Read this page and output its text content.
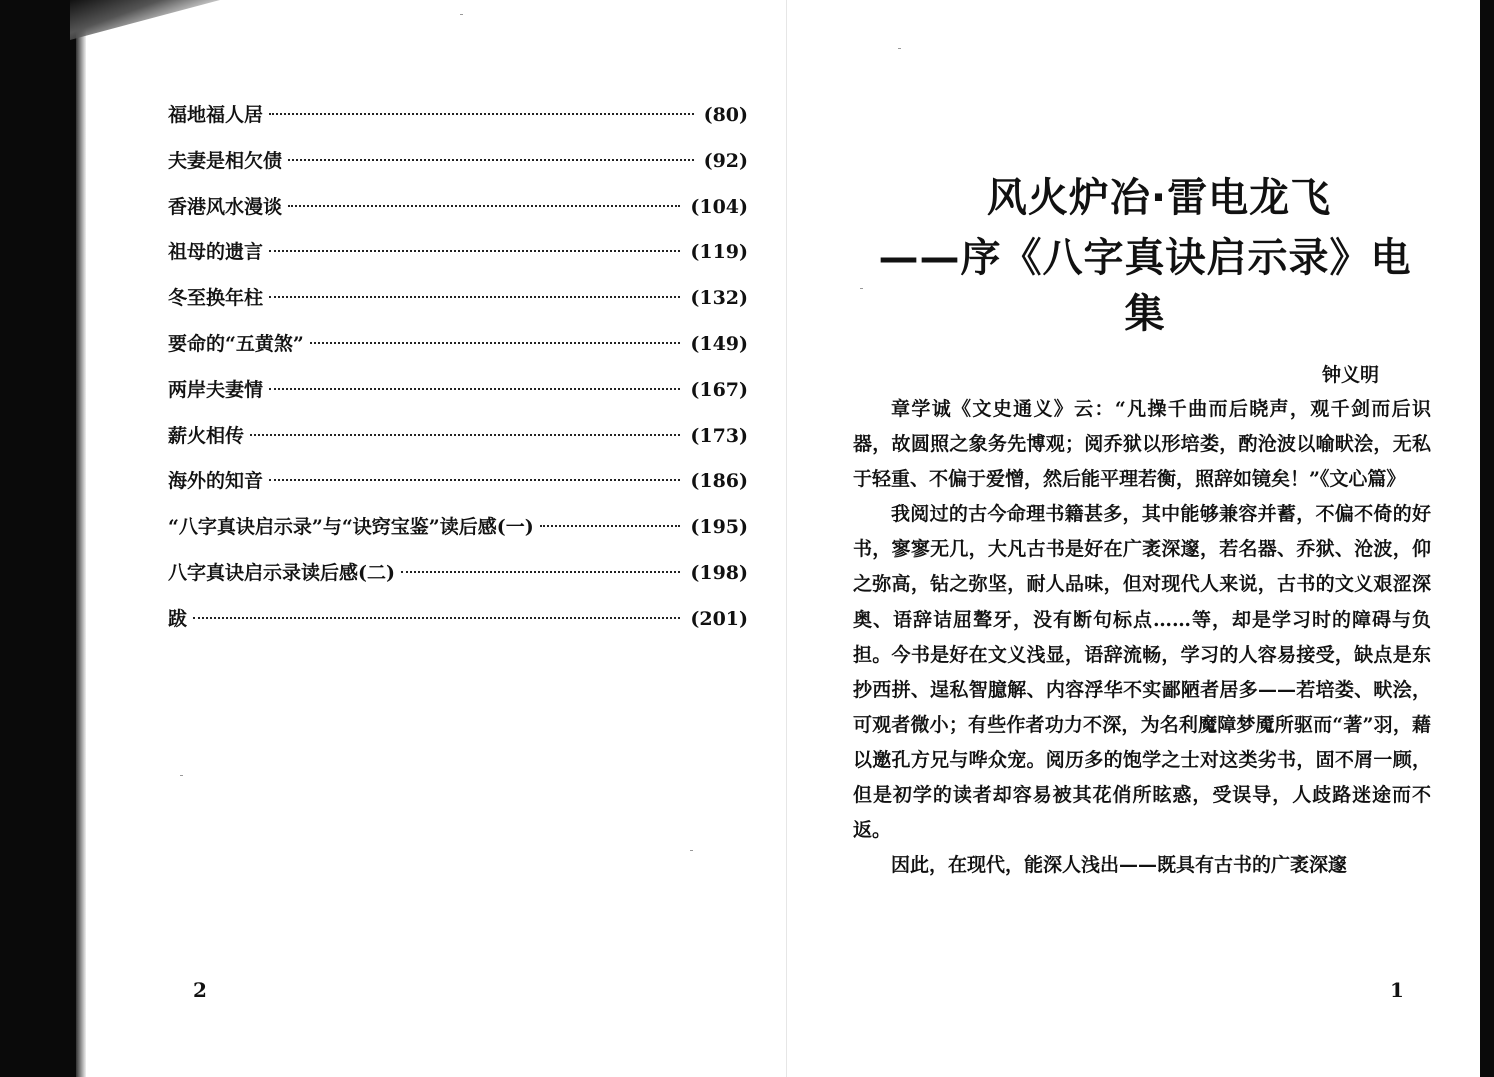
福地福人居	(80)
夫妻是相欠债	(92)
香港风水漫谈	(104)
祖母的遗言	(119)
冬至换年柱	(132)
要命的“五黄煞”	(149)
两岸夫妻情	(167)
薪火相传	(173)
海外的知音	(186)
“八字真诀启示录”与“诀窍宝鉴”读后感(一)	(195)
八字真诀启示录读后感(二)	(198)
跋	(201)
2
风火炉冶·雷电龙飞
——序《八字真诀启示录》电集
钟义明

章学诚《文史通义》云：“凡操千曲而后晓声，观千剑而后识器，故圆照之象务先博观；阅乔狱以形培娄，酌沧波以喻畎浍，无私于轻重、不偏于爱憎，然后能平理若衡，照辞如镜矣！”《文心篇》

我阅过的古今命理书籍甚多，其中能够兼容并蓄，不偏不倚的好书，寥寥无几，大凡古书是好在广袤深邃，若名器、乔狱、沧波，仰之弥高，钻之弥坚，耐人品味，但对现代人来说，古书的文义艰涩深奥、语辞诘屈聱牙，没有断句标点……等，却是学习时的障碍与负担。今书是好在文义浅显，语辞流畅，学习的人容易接受，缺点是东抄西拼、逞私智臆解、内容浮华不实鄙陋者居多——若培娄、畎浍，可观者微小；有些作者功力不深，为名利魔障梦魇所驱而“著”羽，藉以邀孔方兄与哗众宠。阅历多的饱学之士对这类劣书，固不屑一顾，但是初学的读者却容易被其花俏所眩惑，受误导，人歧路迷途而不返。

因此，在现代，能深人浅出——既具有古书的广袤深邃

1
